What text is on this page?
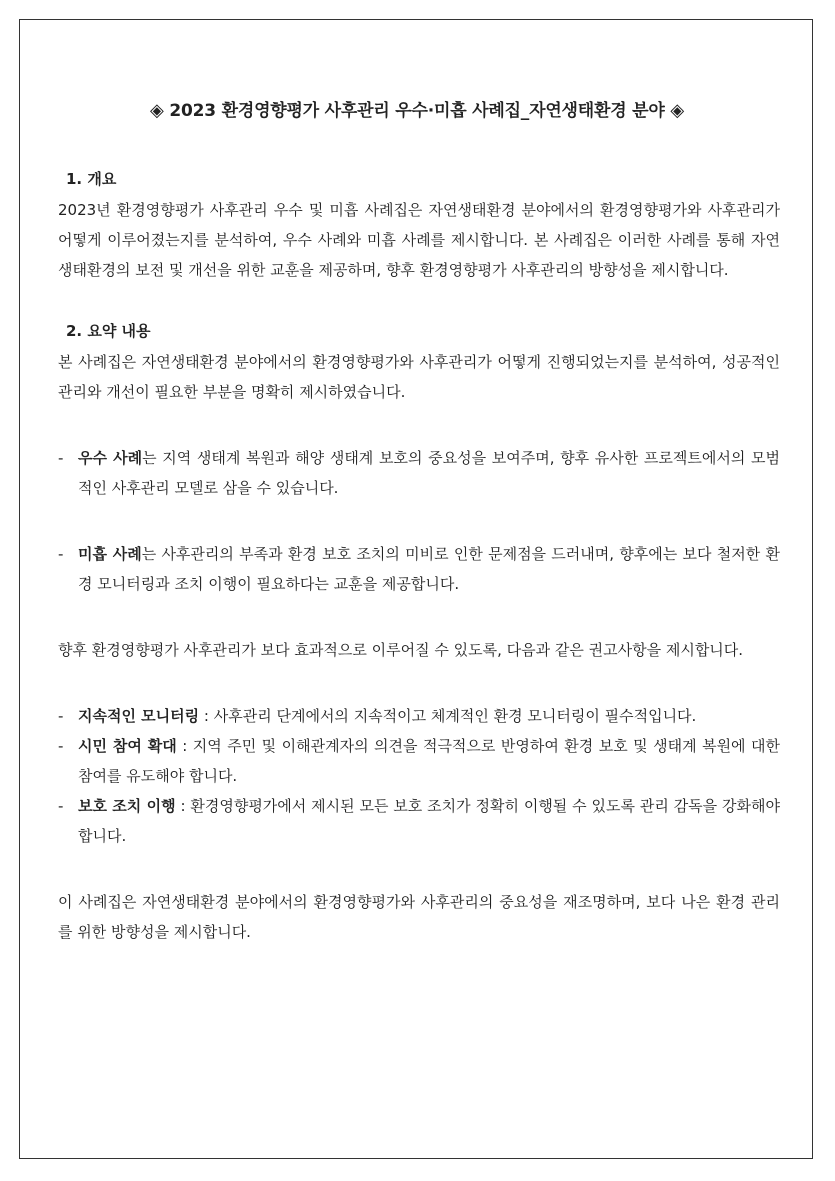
◈ 2023 환경영향평가 사후관리 우수·미흡 사례집_자연생태환경 분야 ◈
1. 개요

2023년 환경영향평가 사후관리 우수 및 미흡 사례집은 자연생태환경 분야에서의 환경영향평가와 사후관리가 어떻게 이루어졌는지를 분석하여, 우수 사례와 미흡 사례를 제시합니다. 본 사례집은 이러한 사례를 통해 자연생태환경의 보전 및 개선을 위한 교훈을 제공하며, 향후 환경영향평가 사후관리의 방향성을 제시합니다.

2. 요약 내용

본 사례집은 자연생태환경 분야에서의 환경영향평가와 사후관리가 어떻게 진행되었는지를 분석하여, 성공적인 관리와 개선이 필요한 부분을 명확히 제시하였습니다.

- 우수 사례는 지역 생태계 복원과 해양 생태계 보호의 중요성을 보여주며, 향후 유사한 프로젝트에서의 모범적인 사후관리 모델로 삼을 수 있습니다.
- 미흡 사례는 사후관리의 부족과 환경 보호 조치의 미비로 인한 문제점을 드러내며, 향후에는 보다 철저한 환경 모니터링과 조치 이행이 필요하다는 교훈을 제공합니다.

향후 환경영향평가 사후관리가 보다 효과적으로 이루어질 수 있도록, 다음과 같은 권고사항을 제시합니다.

- 지속적인 모니터링 : 사후관리 단계에서의 지속적이고 체계적인 환경 모니터링이 필수적입니다.
- 시민 참여 확대 : 지역 주민 및 이해관계자의 의견을 적극적으로 반영하여 환경 보호 및 생태계 복원에 대한 참여를 유도해야 합니다.
- 보호 조치 이행 : 환경영향평가에서 제시된 모든 보호 조치가 정확히 이행될 수 있도록 관리 감독을 강화해야 합니다.

이 사례집은 자연생태환경 분야에서의 환경영향평가와 사후관리의 중요성을 재조명하며, 보다 나은 환경 관리를 위한 방향성을 제시합니다.
